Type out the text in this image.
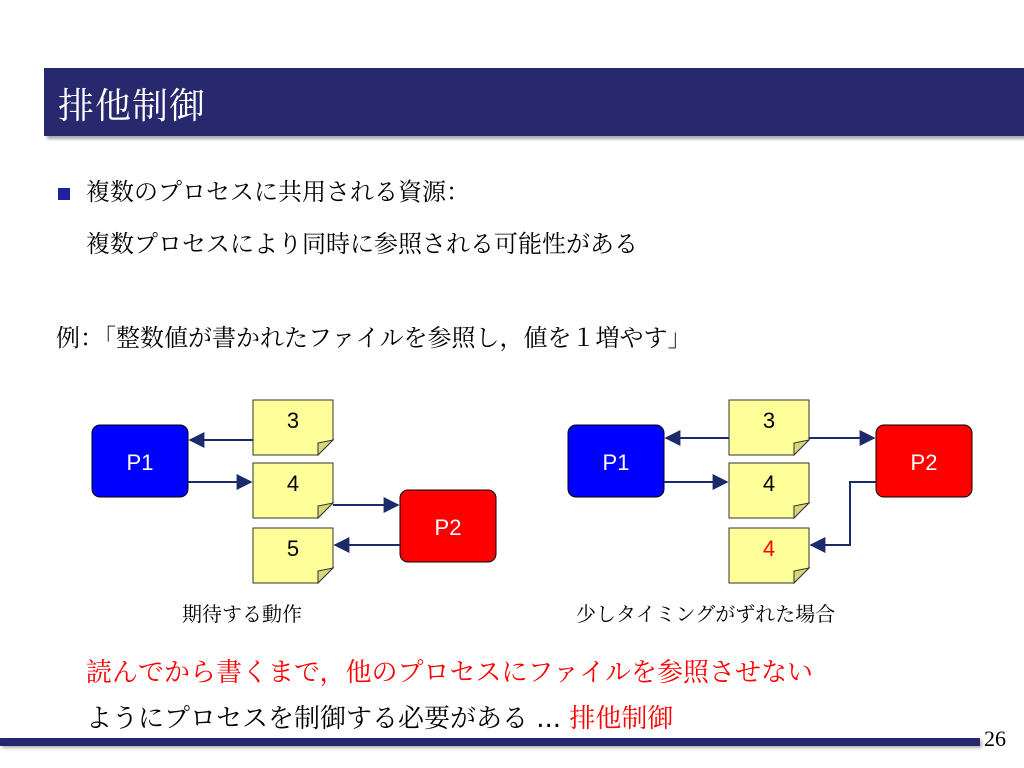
排他制御
複数のプロセスに共用される資源：
複数プロセスにより同時に参照される可能性がある
例：「整数値が書かれたファイルを参照し，値を１増やす」
P1
P2
3
4
5
P1	P2
3
4
4
期待する動作	少しタイミングがずれた場合
読んでから書くまで，他のプロセスにファイルを参照させない
ようにプロセスを制御する必要がある ... 排他制御
26
